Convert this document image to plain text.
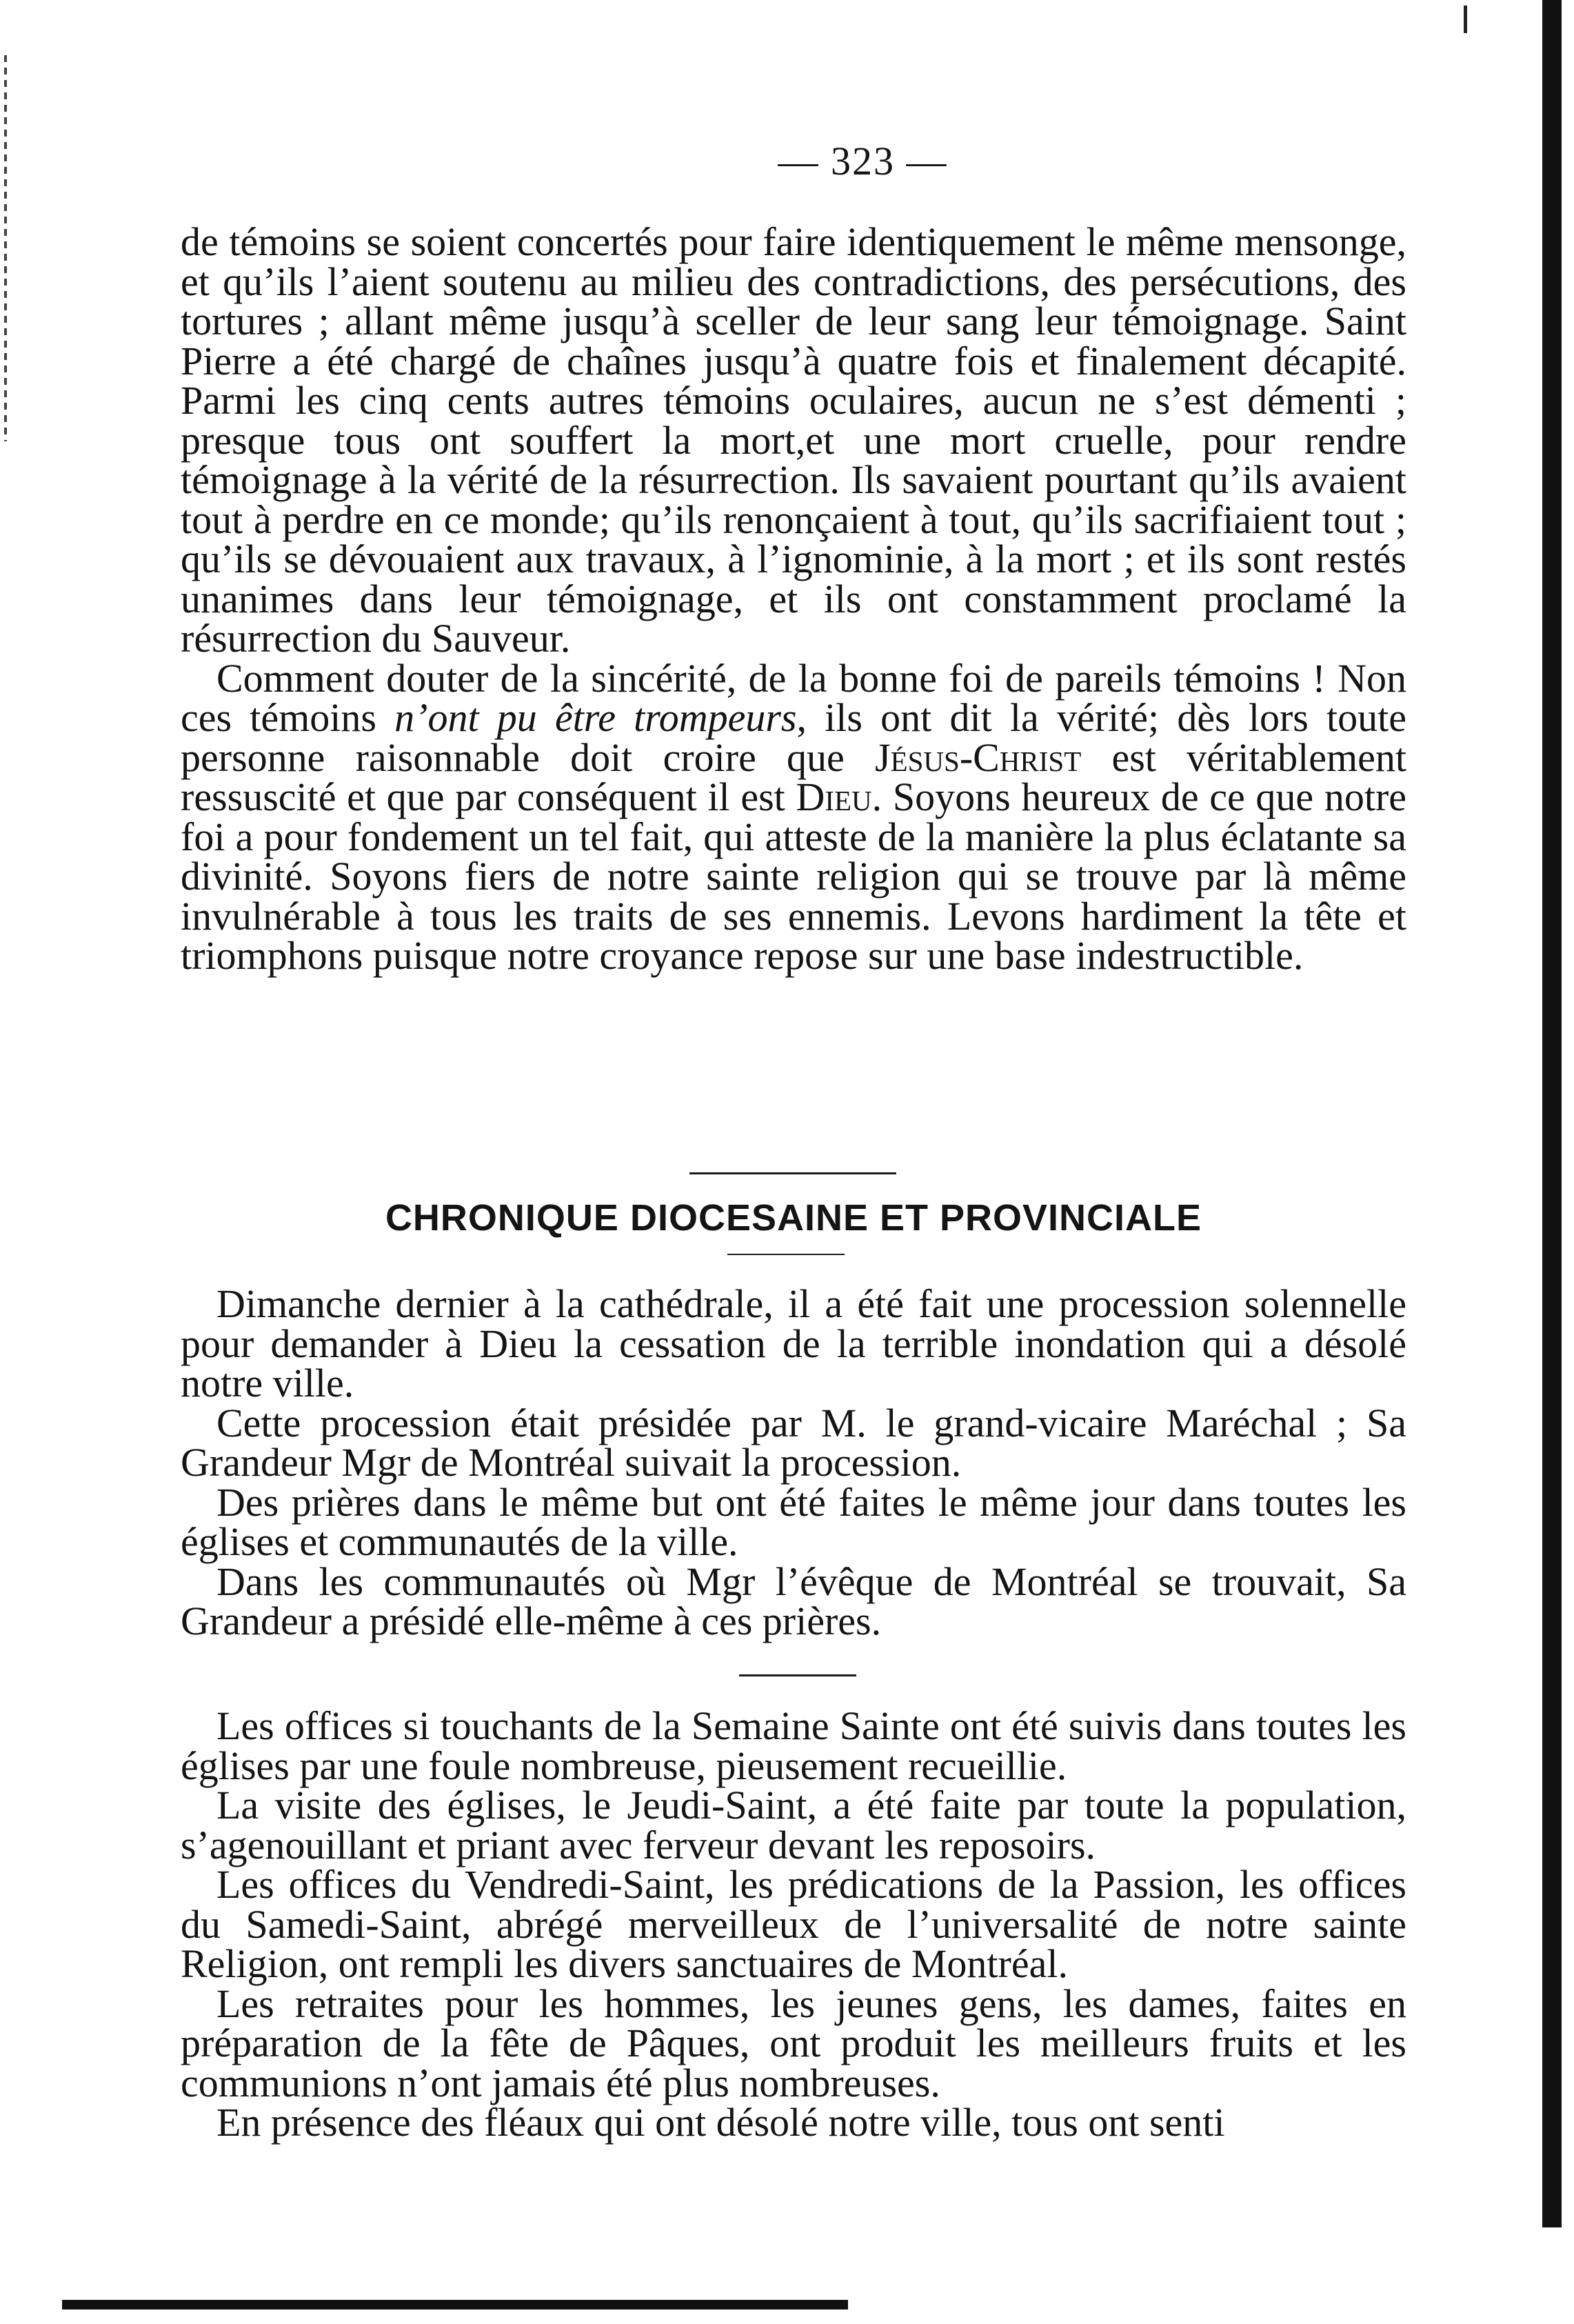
— 323 —

de témoins se soient concertés pour faire identiquement le même mensonge, et qu’ils l’aient soutenu au milieu des contradictions, des persécutions, des tortures ; allant même jusqu’à sceller de leur sang leur témoignage. Saint Pierre a été chargé de chaînes jusqu’à quatre fois et finalement décapité. Parmi les cinq cents autres témoins oculaires, aucun ne s’est démenti ; presque tous ont souffert la mort,et une mort cruelle, pour rendre témoignage à la vérité de la résurrection. Ils savaient pourtant qu’ils avaient tout à perdre en ce monde; qu’ils renonçaient à tout, qu’ils sacrifiaient tout ; qu’ils se dévouaient aux travaux, à l’ignominie, à la mort ; et ils sont restés unanimes dans leur témoignage, et ils ont constamment proclamé la résurrection du Sauveur.

Comment douter de la sincérité, de la bonne foi de pareils témoins ! Non ces témoins n’ont pu être trompeurs, ils ont dit la vérité; dès lors toute personne raisonnable doit croire que Jésus-Christ est véritablement ressuscité et que par conséquent il est Dieu. Soyons heureux de ce que notre foi a pour fondement un tel fait, qui atteste de la manière la plus éclatante sa divinité. Soyons fiers de notre sainte religion qui se trouve par là même invulnérable à tous les traits de ses ennemis. Levons hardiment la tête et triomphons puisque notre croyance repose sur une base indestructible.

CHRONIQUE DIOCESAINE ET PROVINCIALE

Dimanche dernier à la cathédrale, il a été fait une procession solennelle pour demander à Dieu la cessation de la terrible inondation qui a désolé notre ville.

Cette procession était présidée par M. le grand-vicaire Maréchal ; Sa Grandeur Mgr de Montréal suivait la procession.

Des prières dans le même but ont été faites le même jour dans toutes les églises et communautés de la ville.

Dans les communautés où Mgr l’évêque de Montréal se trouvait, Sa Grandeur a présidé elle-même à ces prières.

Les offices si touchants de la Semaine Sainte ont été suivis dans toutes les églises par une foule nombreuse, pieusement recueillie.

La visite des églises, le Jeudi-Saint, a été faite par toute la population, s’agenouillant et priant avec ferveur devant les reposoirs.

Les offices du Vendredi-Saint, les prédications de la Passion, les offices du Samedi-Saint, abrégé merveilleux de l’universalité de notre sainte Religion, ont rempli les divers sanctuaires de Montréal.

Les retraites pour les hommes, les jeunes gens, les dames, faites en préparation de la fête de Pâques, ont produit les meilleurs fruits et les communions n’ont jamais été plus nombreuses.

En présence des fléaux qui ont désolé notre ville, tous ont senti
